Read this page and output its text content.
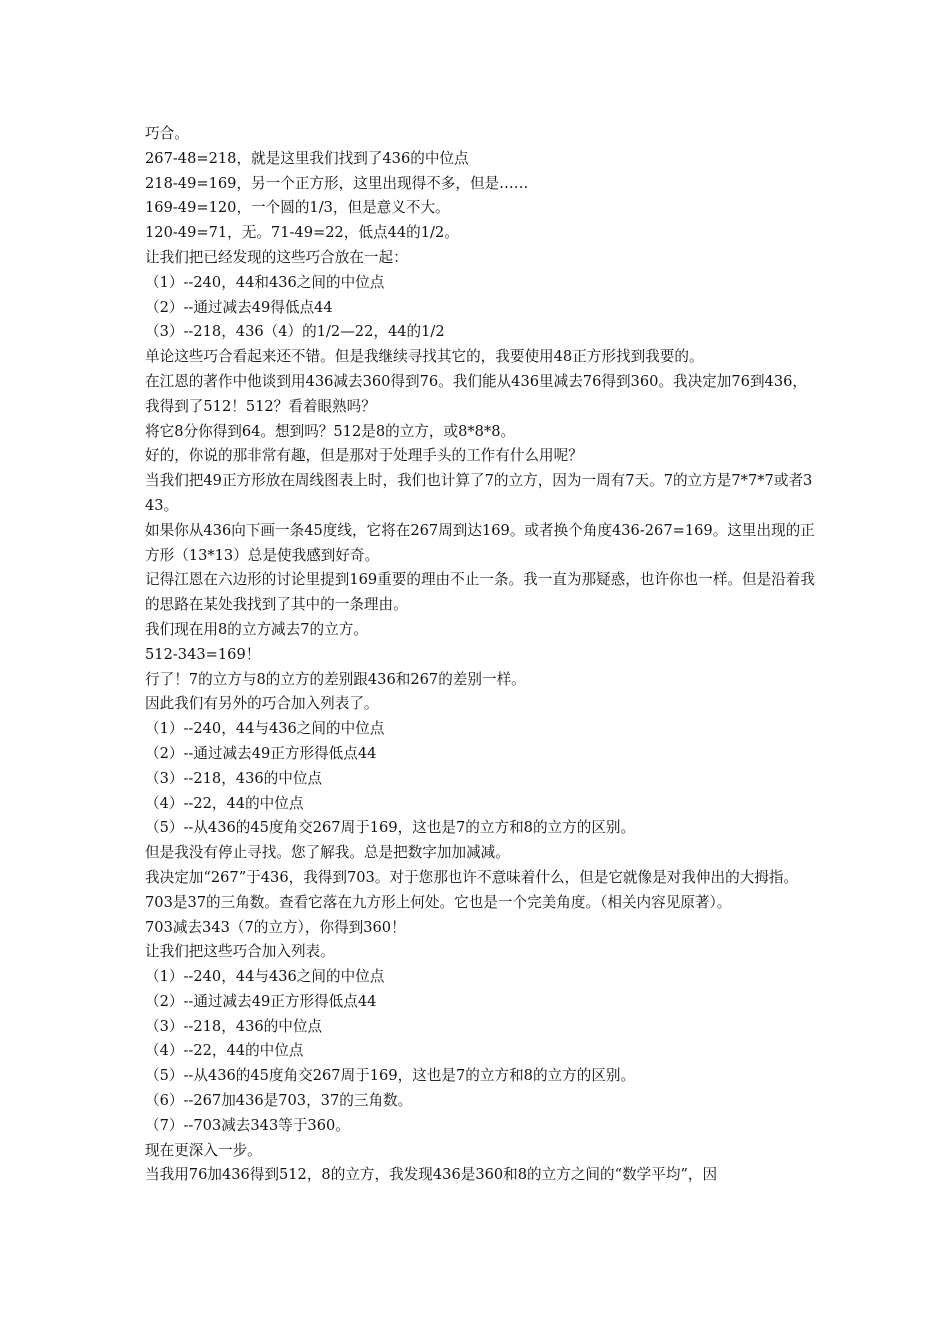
巧合。

267-48=218，就是这里我们找到了436的中位点

218-49=169，另一个正方形，这里出现得不多，但是……

169-49=120，一个圆的1/3，但是意义不大。

120-49=71，无。71-49=22，低点44的1/2。

让我们把已经发现的这些巧合放在一起：

（1）--240，44和436之间的中位点

（2）--通过减去49得低点44

（3）--218，436（4）的1/2—22，44的1/2

单论这些巧合看起来还不错。但是我继续寻找其它的，我要使用48正方形找到我要的。

在江恩的著作中他谈到用436减去360得到76。我们能从436里减去76得到360。我决定加76到436，我得到了512！512？看着眼熟吗？

将它8分你得到64。想到吗？512是8的立方，或8*8*8。

好的，你说的那非常有趣，但是那对于处理手头的工作有什么用呢？

当我们把49正方形放在周线图表上时，我们也计算了7的立方，因为一周有7天。7的立方是7*7*7或者343。

如果你从436向下画一条45度线，它将在267周到达169。或者换个角度436-267=169。这里出现的正方形（13*13）总是使我感到好奇。

记得江恩在六边形的讨论里提到169重要的理由不止一条。我一直为那疑惑，也许你也一样。但是沿着我的思路在某处我找到了其中的一条理由。

我们现在用8的立方减去7的立方。

512-343=169！

行了！7的立方与8的立方的差别跟436和267的差别一样。

因此我们有另外的巧合加入列表了。

（1）--240，44与436之间的中位点

（2）--通过减去49正方形得低点44

（3）--218，436的中位点

（4）--22，44的中位点

（5）--从436的45度角交267周于169，这也是7的立方和8的立方的区别。

但是我没有停止寻找。您了解我。总是把数字加加减减。

我决定加“267”于436，我得到703。对于您那也许不意味着什么，但是它就像是对我伸出的大拇指。

703是37的三角数。查看它落在九方形上何处。它也是一个完美角度。（相关内容见原著）。

703减去343（7的立方），你得到360！

让我们把这些巧合加入列表。

（1）--240，44与436之间的中位点

（2）--通过减去49正方形得低点44

（3）--218，436的中位点

（4）--22，44的中位点

（5）--从436的45度角交267周于169，这也是7的立方和8的立方的区别。

（6）--267加436是703，37的三角数。

（7）--703减去343等于360。

现在更深入一步。

当我用76加436得到512，8的立方，我发现436是360和8的立方之间的“数学平均”，因
